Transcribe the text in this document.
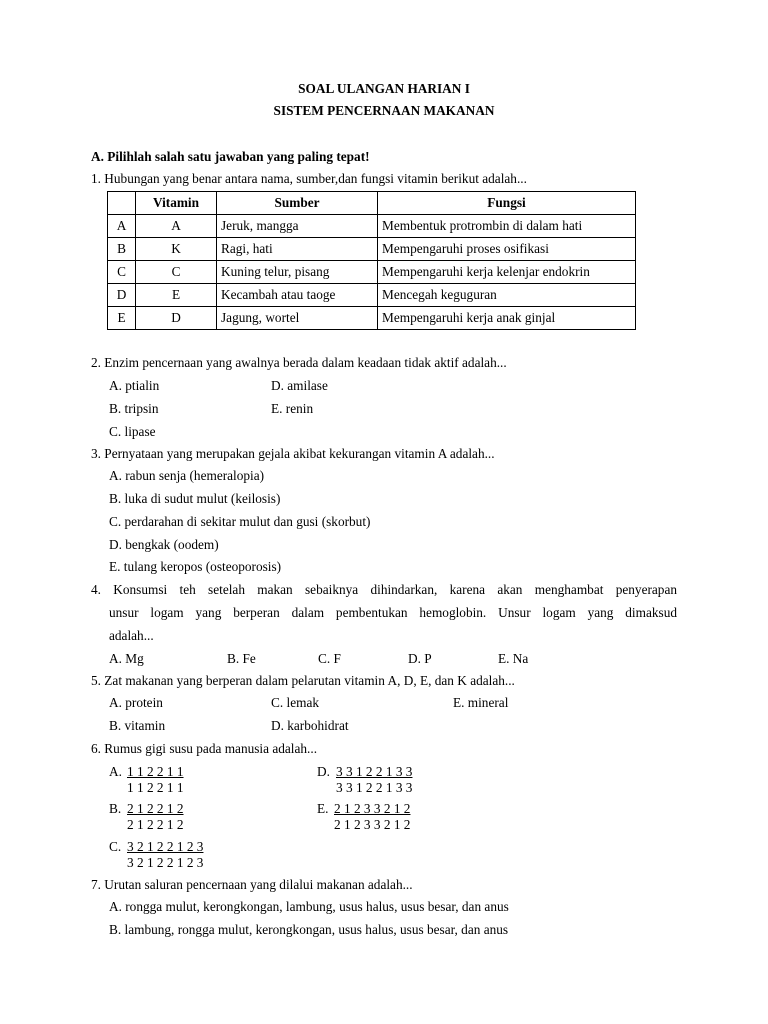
SOAL ULANGAN HARIAN I
SISTEM PENCERNAAN MAKANAN
A. Pilihlah salah satu jawaban yang paling tepat!
1. Hubungan yang benar antara nama, sumber,dan fungsi vitamin berikut adalah...
	Vitamin	Sumber	Fungsi
A	A	Jeruk, mangga	Membentuk protrombin di dalam hati
B	K	Ragi, hati	Mempengaruhi proses osifikasi
C	C	Kuning telur, pisang	Mempengaruhi kerja kelenjar endokrin
D	E	Kecambah atau taoge	Mencegah keguguran
E	D	Jagung, wortel	Mempengaruhi kerja anak ginjal
2. Enzim pencernaan yang awalnya berada dalam keadaan tidak aktif adalah...
A. ptialin	D. amilase
B. tripsin	E. renin
C. lipase
3. Pernyataan yang merupakan gejala akibat kekurangan vitamin A adalah...
A. rabun senja (hemeralopia)
B. luka di sudut mulut (keilosis)
C. perdarahan di sekitar mulut dan gusi (skorbut)
D. bengkak (oodem)
E. tulang keropos (osteoporosis)
4. Konsumsi teh setelah makan sebaiknya dihindarkan, karena akan menghambat penyerapan
unsur logam yang berperan dalam pembentukan hemoglobin. Unsur logam yang dimaksud
adalah...
A. Mg	B. Fe	C. F	D. P	E. Na
5. Zat makanan yang berperan dalam pelarutan vitamin A, D, E, dan K adalah...
A. protein	C. lemak	E. mineral
B. vitamin	D. karbohidrat
6. Rumus gigi susu pada manusia adalah...
A. $\frac{1 1 2 2 1 1}{1 1 2 2 1 1}$	D. $\frac{3 3 1 2 2 1 3 3}{3 3 1 2 2 1 3 3}$
B. $\frac{2 1 2 2 1 2}{2 1 2 2 1 2}$	E. $\frac{2 1 2 3 3 2 1 2}{2 1 2 3 3 2 1 2}$
C. $\frac{3 2 1 2 2 1 2 3}{3 2 1 2 2 1 2 3}$
7. Urutan saluran pencernaan yang dilalui makanan adalah...
A. rongga mulut, kerongkongan, lambung, usus halus, usus besar, dan anus
B. lambung, rongga mulut, kerongkongan, usus halus, usus besar, dan anus
